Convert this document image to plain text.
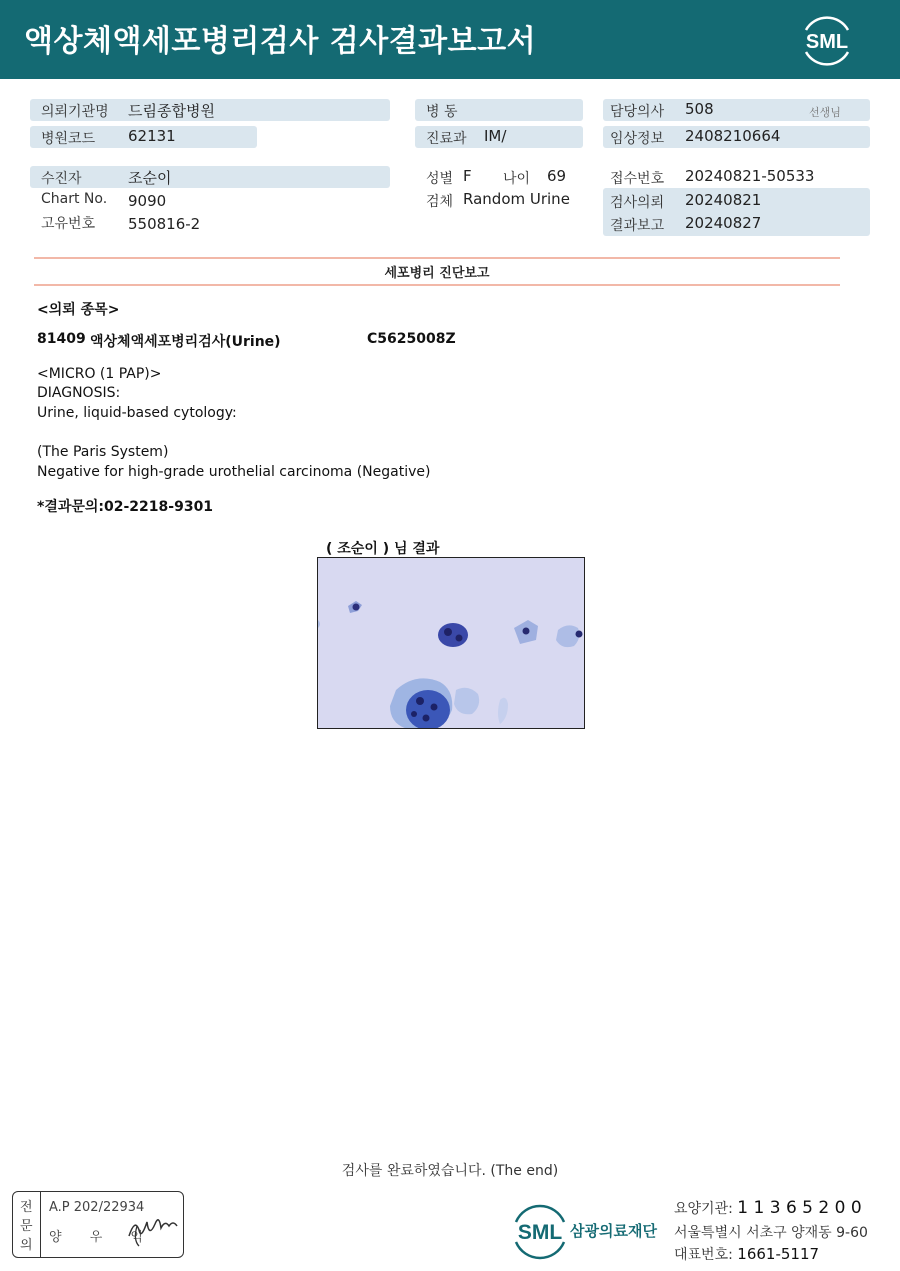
액상체액세포병리검사 검사결과보고서	SML
의뢰기관명 드림종합병원
병원코드 62131
수진자	조순이
Chart No. 9090
고유번호 550816-2
병 동
진료과 IM/
성별 F 나이 69
검체 Random Urine
담당의사 508	선생님
임상정보 2408210664
접수번호 20240821-50533
검사의뢰 20240821
결과보고 20240827
세포병리 진단보고
<의뢰 종목>
81409 액상체액세포병리검사(Urine)	C5625008Z
<MICRO (1 PAP)>
DIAGNOSIS:
Urine, liquid-based cytology:
(The Paris System)
Negative for high-grade urothelial carcinoma (Negative)
*결과문의:02-2218-9301
( 조순이 ) 님 결과
검사를 완료하였습니다. (The end)
전
문
의
A.P 202/22934
양 우 익	SML 삼광의료재단
요양기관: 1 1 3 6 5 2 0 0
서울특별시 서초구 양재동 9-60
대표번호: 1661-5117
